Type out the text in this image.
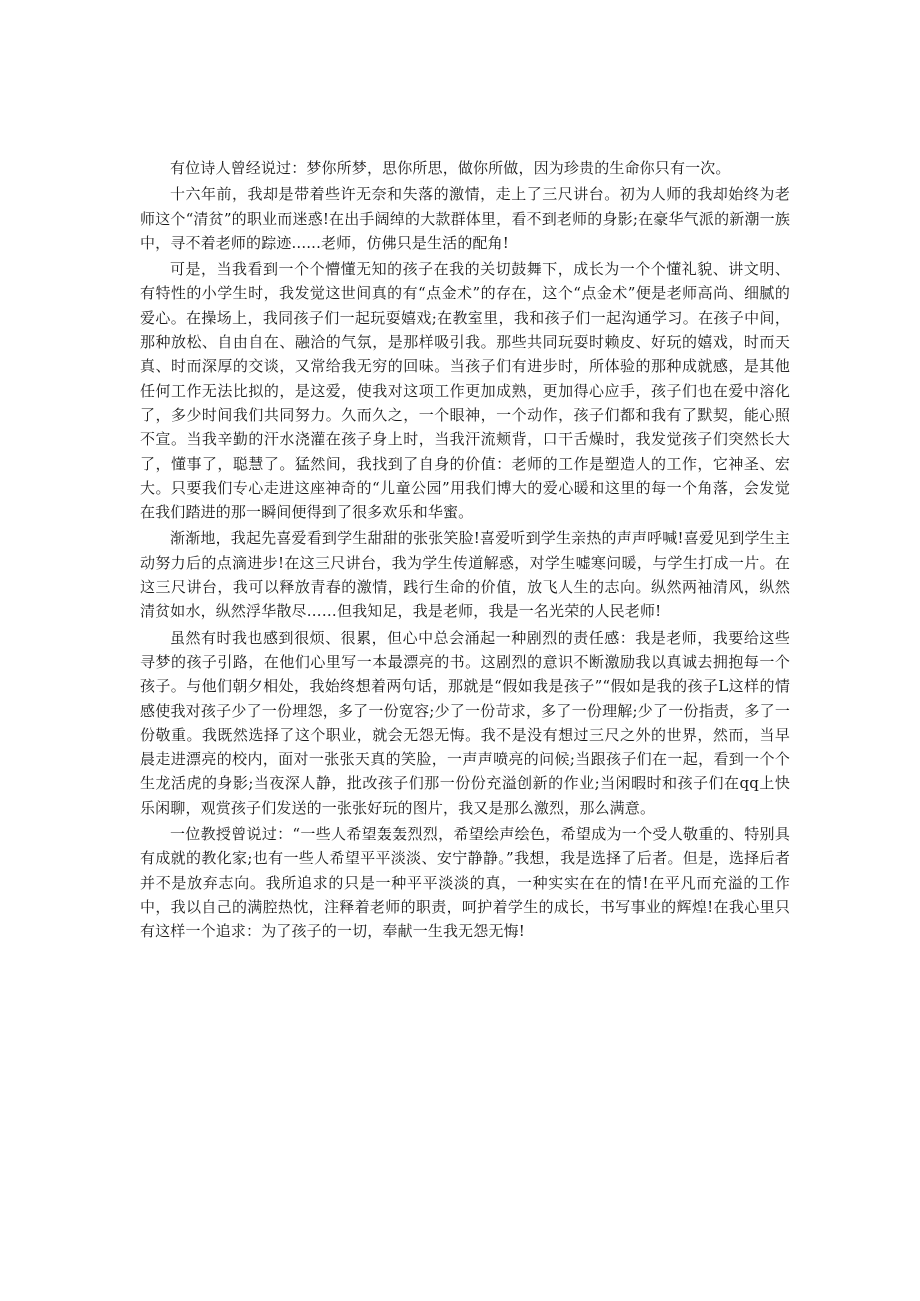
有位诗人曾经说过：梦你所梦，思你所思，做你所做，因为珍贵的生命你只有一次。

十六年前，我却是带着些许无奈和失落的激情，走上了三尺讲台。初为人师的我却始终为老师这个“清贫”的职业而迷惑!在出手阔绰的大款群体里，看不到老师的身影;在豪华气派的新潮一族中，寻不着老师的踪迹......老师，仿佛只是生活的配角!

可是，当我看到一个个懵懂无知的孩子在我的关切鼓舞下，成长为一个个懂礼貌、讲文明、有特性的小学生时，我发觉这世间真的有“点金术”的存在，这个“点金术”便是老师高尚、细腻的爱心。在操场上，我同孩子们一起玩耍嬉戏;在教室里，我和孩子们一起沟通学习。在孩子中间，那种放松、自由自在、融洽的气氛，是那样吸引我。那些共同玩耍时赖皮、好玩的嬉戏，时而天真、时而深厚的交谈，又常给我无穷的回味。当孩子们有进步时，所体验的那种成就感，是其他任何工作无法比拟的，是这爱，使我对这项工作更加成熟，更加得心应手，孩子们也在爱中溶化了，多少时间我们共同努力。久而久之，一个眼神，一个动作，孩子们都和我有了默契，能心照不宣。当我辛勤的汗水浇灌在孩子身上时，当我汗流颊背，口干舌燥时，我发觉孩子们突然长大了，懂事了，聪慧了。猛然间，我找到了自身的价值：老师的工作是塑造人的工作，它神圣、宏大。只要我们专心走进这座神奇的“儿童公园”用我们博大的爱心暖和这里的每一个角落，会发觉在我们踏进的那一瞬间便得到了很多欢乐和华蜜。

渐渐地，我起先喜爱看到学生甜甜的张张笑脸!喜爱听到学生亲热的声声呼喊!喜爱见到学生主动努力后的点滴进步!在这三尺讲台，我为学生传道解惑，对学生嘘寒问暖，与学生打成一片。在这三尺讲台，我可以释放青春的激情，践行生命的价值，放飞人生的志向。纵然两袖清风，纵然清贫如水，纵然浮华散尽……但我知足，我是老师，我是一名光荣的人民老师!

虽然有时我也感到很烦、很累，但心中总会涌起一种剧烈的责任感：我是老师，我要给这些寻梦的孩子引路，在他们心里写一本最漂亮的书。这剧烈的意识不断激励我以真诚去拥抱每一个孩子。与他们朝夕相处，我始终想着两句话，那就是“假如我是孩子”“假如是我的孩子L这样的情感使我对孩子少了一份埋怨，多了一份宽容;少了一份苛求，多了一份理解;少了一份指责，多了一份敬重。我既然选择了这个职业，就会无怨无悔。我不是没有想过三尺之外的世界，然而，当早晨走进漂亮的校内，面对一张张天真的笑脸，一声声喷亮的问候;当跟孩子们在一起，看到一个个生龙活虎的身影;当夜深人静，批改孩子们那一份份充溢创新的作业;当闲暇时和孩子们在qq上快乐闲聊，观赏孩子们发送的一张张好玩的图片，我又是那么激烈，那么满意。

一位教授曾说过：“一些人希望轰轰烈烈，希望绘声绘色，希望成为一个受人敬重的、特别具有成就的教化家;也有一些人希望平平淡淡、安宁静静。”我想，我是选择了后者。但是，选择后者并不是放弃志向。我所追求的只是一种平平淡淡的真，一种实实在在的情!在平凡而充溢的工作中，我以自己的满腔热忱，注释着老师的职责，呵护着学生的成长，书写事业的辉煌!在我心里只有这样一个追求：为了孩子的一切，奉献一生我无怨无悔!
